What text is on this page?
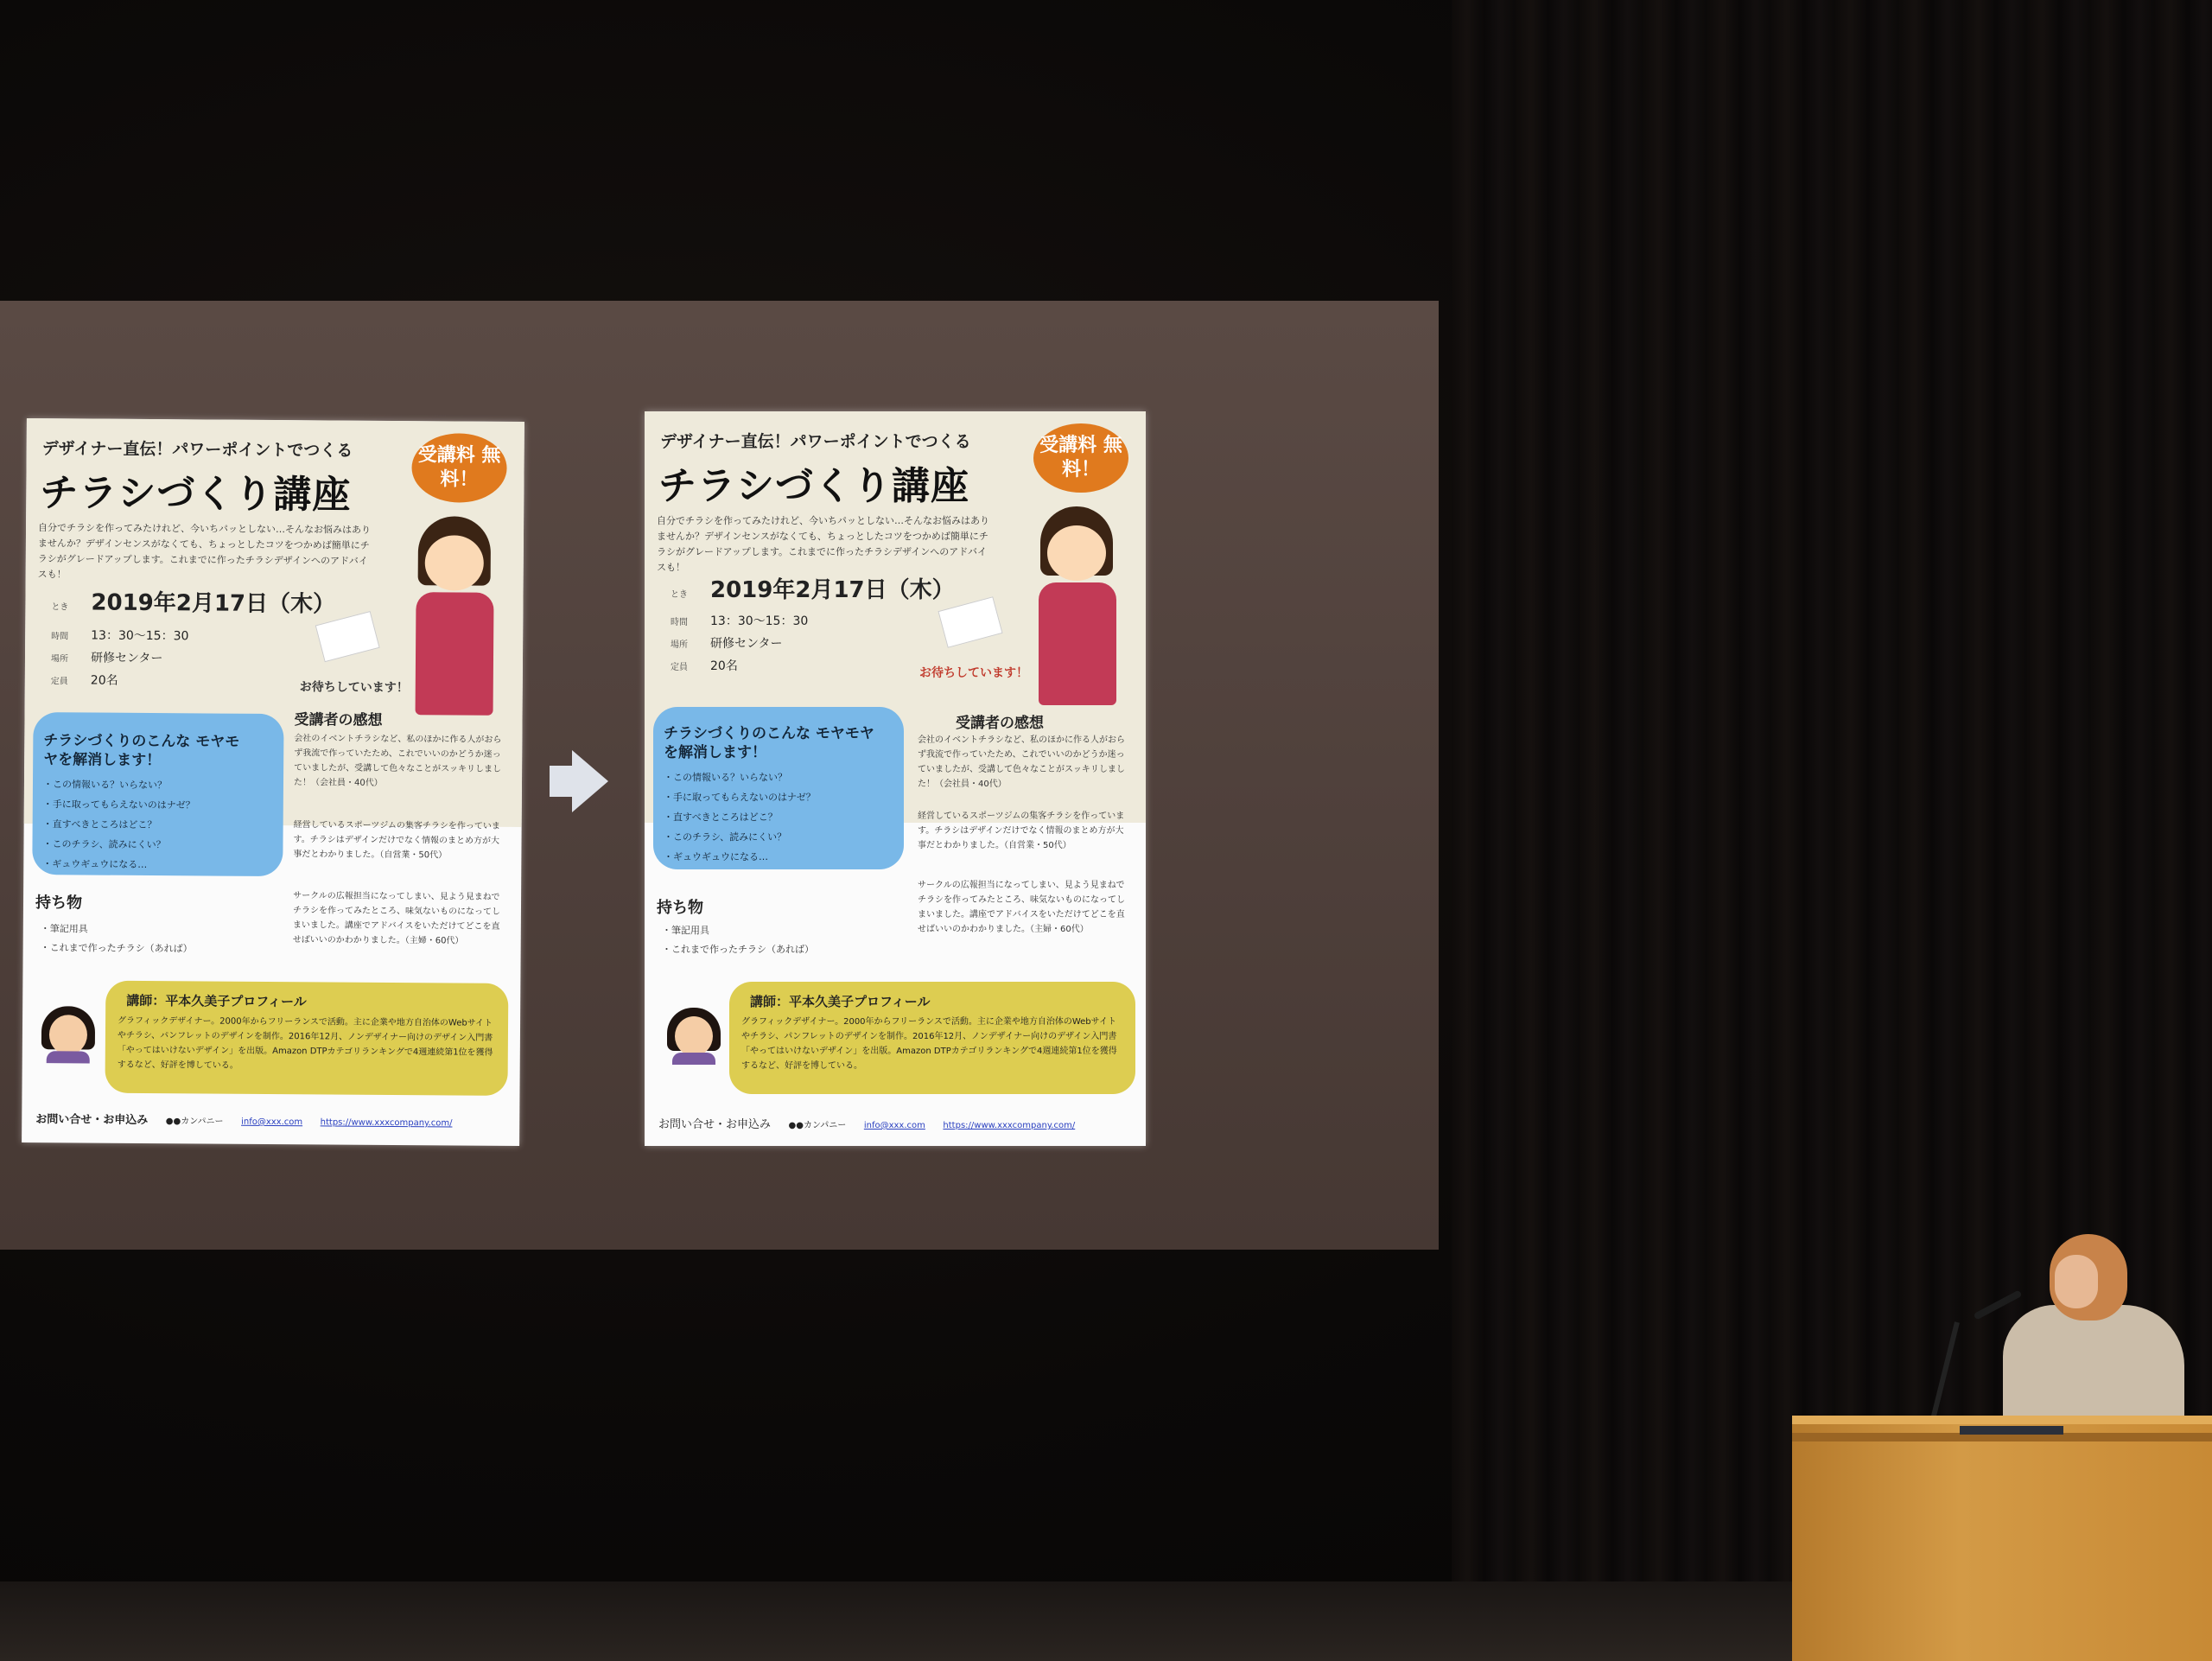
デザイナー直伝！パワーポイントでつくる
チラシづくり講座
受講料 無料！
自分でチラシを作ってみたけれど、今いちパッとしない…そんなお悩みはありませんか？デザインセンスがなくても、ちょっとしたコツをつかめば簡単にチラシがグレードアップします。これまでに作ったチラシデザインへのアドバイスも！
とき 2019年2月17日（木）
時間 13：30〜15：30
場所 研修センター
定員 20名	お待ちしています！
チラシづくりのこんな モヤモヤを解消します！
・この情報いる？いらない？
・手に取ってもらえないのはナゼ？
・直すべきところはどこ？
・このチラシ、読みにくい？
・ギュウギュウになる…
受講者の感想
会社のイベントチラシなど、私のほかに作る人がおらず我流で作っていたため、これでいいのかどうか迷っていましたが、受講して色々なことがスッキリしました！（会社員・40代）
経営しているスポーツジムの集客チラシを作っています。チラシはデザインだけでなく情報のまとめ方が大事だとわかりました。（自営業・50代）
サークルの広報担当になってしまい、見よう見まねでチラシを作ってみたところ、味気ないものになってしまいました。講座でアドバイスをいただけてどこを直せばいいのかわかりました。（主婦・60代）
持ち物
・筆記用具
・これまで作ったチラシ（あれば）
講師：平本久美子プロフィール
グラフィックデザイナー。2000年からフリーランスで活動。主に企業や地方自治体のWebサイトやチラシ、パンフレットのデザインを制作。2016年12月、ノンデザイナー向けのデザイン入門書「やってはいけないデザイン」を出版。Amazon DTPカテゴリランキングで4週連続第1位を獲得するなど、好評を博している。
お問い合せ・お申込み ●●カンパニー info@xxx.com https://www.xxxcompany.com/
デザイナー直伝！パワーポイントでつくる
チラシづくり講座
受講料 無料！
自分でチラシを作ってみたけれど、今いちパッとしない…そんなお悩みはありませんか？デザインセンスがなくても、ちょっとしたコツをつかめば簡単にチラシがグレードアップします。これまでに作ったチラシデザインへのアドバイスも！
とき 2019年2月17日（木）
時間 13：30〜15：30
場所 研修センター
定員 20名	お待ちしています！
チラシづくりのこんな モヤモヤを解消します！
・この情報いる？いらない？
・手に取ってもらえないのはナゼ？
・直すべきところはどこ？
・このチラシ、読みにくい？
・ギュウギュウになる…
受講者の感想
会社のイベントチラシなど、私のほかに作る人がおらず我流で作っていたため、これでいいのかどうか迷っていましたが、受講して色々なことがスッキリしました！（会社員・40代）
経営しているスポーツジムの集客チラシを作っています。チラシはデザインだけでなく情報のまとめ方が大事だとわかりました。（自営業・50代）
サークルの広報担当になってしまい、見よう見まねでチラシを作ってみたところ、味気ないものになってしまいました。講座でアドバイスをいただけてどこを直せばいいのかわかりました。（主婦・60代）
持ち物
・筆記用具
・これまで作ったチラシ（あれば）
講師：平本久美子プロフィール
グラフィックデザイナー。2000年からフリーランスで活動。主に企業や地方自治体のWebサイトやチラシ、パンフレットのデザインを制作。2016年12月、ノンデザイナー向けのデザイン入門書「やってはいけないデザイン」を出版。Amazon DTPカテゴリランキングで4週連続第1位を獲得するなど、好評を博している。
お問い合せ・お申込み ●●カンパニー info@xxx.com https://www.xxxcompany.com/
